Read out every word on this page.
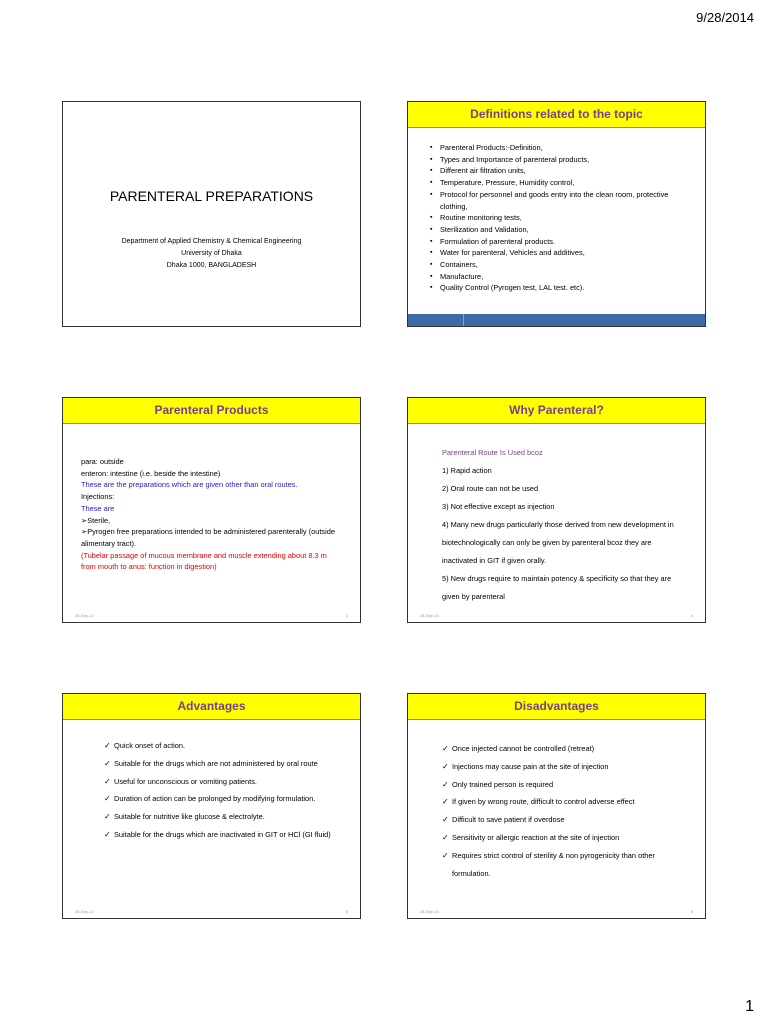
9/28/2014
PARENTERAL PREPARATIONS
Department of Applied Chemistry & Chemical Engineering
University of Dhaka
Dhaka 1000, BANGLADESH
Definitions related to the topic
▪ Parenteral Products:-Definition,
▪ Types and Importance of parenteral products,
▪ Different air filtration units,
▪ Temperature, Pressure, Humidity control,
▪ Protocol for personnel and goods entry into the clean room, protective clothing,
▪ Routine monitoring tests,
▪ Sterilization and Validation,
▪ Formulation of parenteral products.
▪ Water for parenteral, Vehicles and additives,
▪ Containers,
▪ Manufacture,
▪ Quality Control (Pyrogen test, LAL test. etc).
Parenteral Products
para: outside
enteron: intestine (i.e. beside the intestine)
These are the preparations which are given other than oral routes.
Injections:
These are
➢Sterile,
➢Pyrogen free preparations intended to be administered parenterally (outside alimentary tract).
(Tubelar passage of mucous membrane and muscle extending about 8.3 m from mouth to anus: function in digestion)
28-Sep-14	3
Why Parenteral?
Parenteral Route Is Used bcoz
1) Rapid action
2) Oral route can not be used
3) Not effective except as injection
4) Many new drugs particularly those derived from new development in biotechnologically can only be given by parenteral bcoz they are inactivated in GIT if given orally.
5) New drugs require to maintain potency & specificity so that they are given by parenteral
28-Sep-14	4
Advantages
✓ Quick onset of action.
✓ Suitable for the drugs which are not administered by oral route
✓ Useful for unconscious or vomiting patients.
✓ Duration of action can be prolonged by modifying formulation.
✓ Suitable for nutritive like glucose & electrolyte.
✓ Suitable for the drugs which are inactivated in GIT or HCl (GI fluid)
28-Sep-14	5
Disadvantages
✓ Once injected cannot be controlled (retreat)
✓ Injections may cause pain at the site of injection
✓ Only trained person is required
✓ If given by wrong route, difficult to control adverse effect
✓ Difficult to save patient if overdose
✓ Sensitivity or allergic reaction at the site of injection
✓ Requires strict control of sterility & non pyrogenicity than other formulation.
28-Sep-14	6
1
